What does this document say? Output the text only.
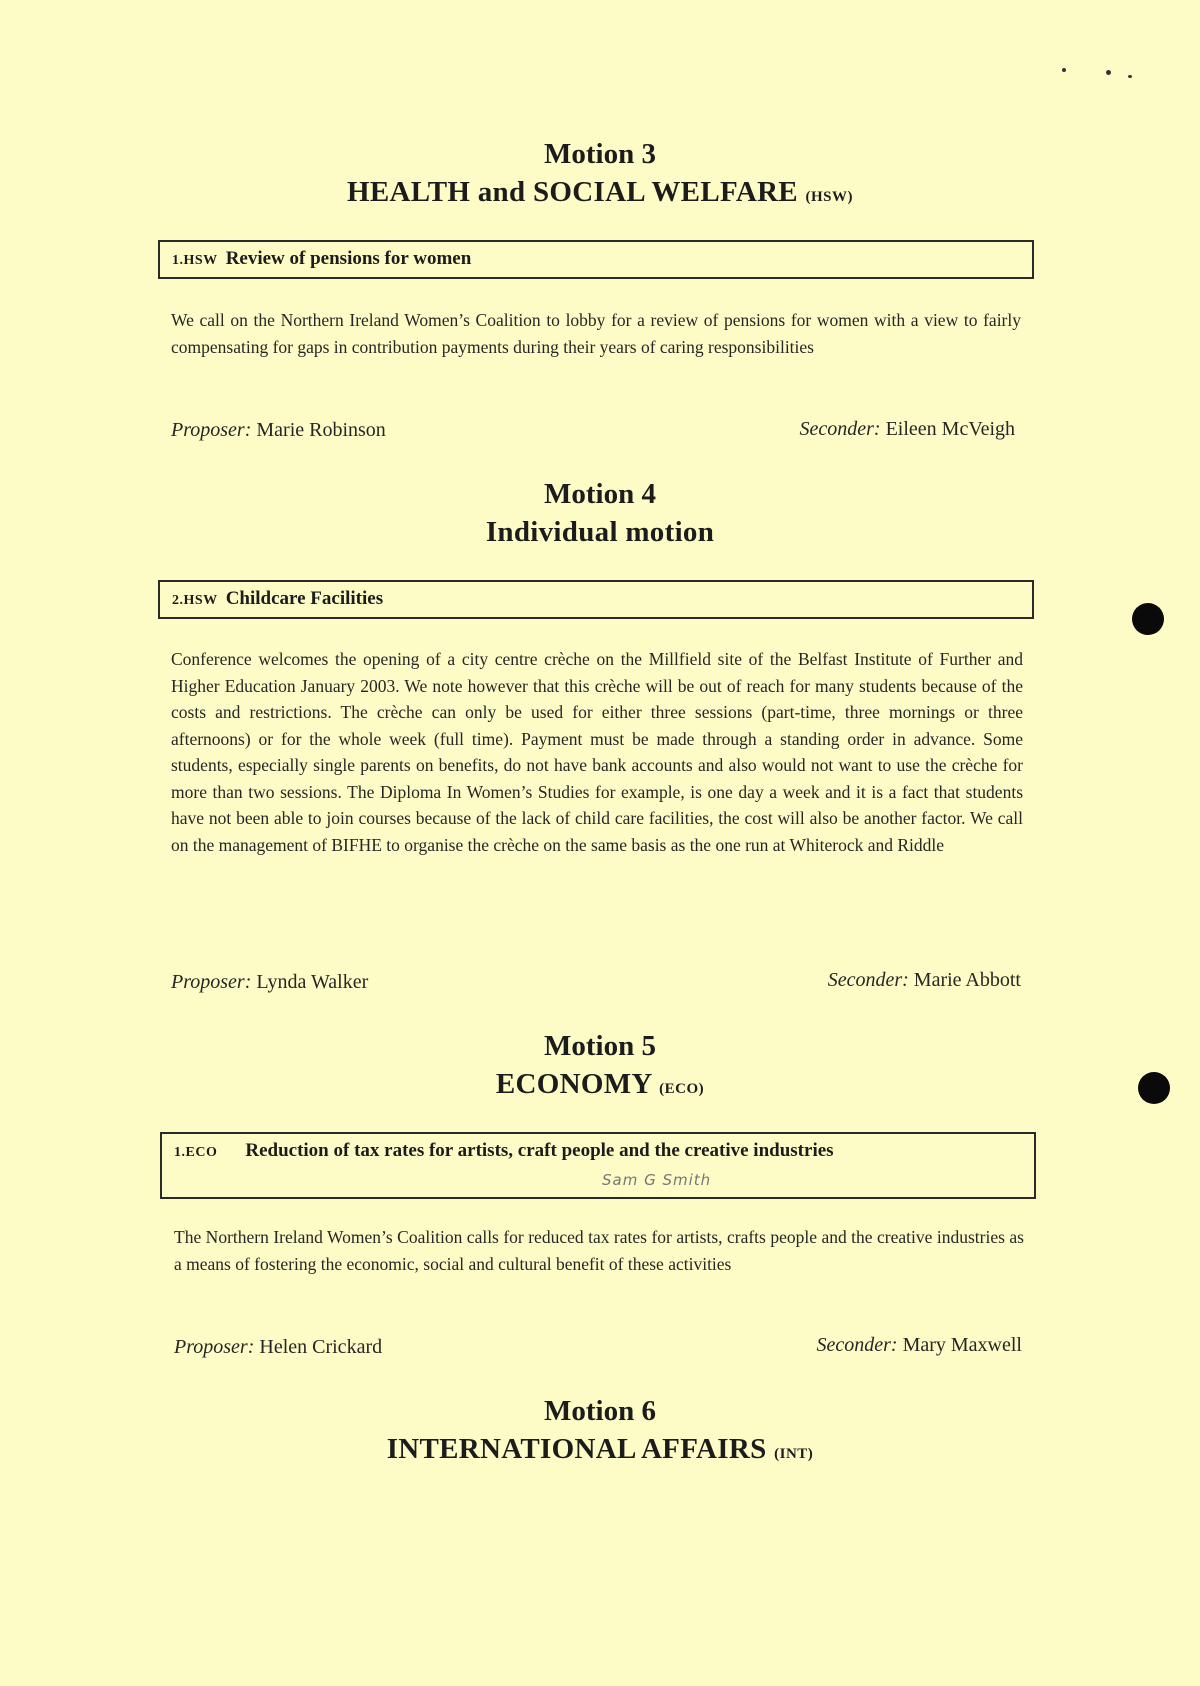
Motion 3
HEALTH and SOCIAL WELFARE (HSW)
1.HSW Review of pensions for women
We call on the Northern Ireland Women’s Coalition to lobby for a review of pensions for women with a view to fairly compensating for gaps in contribution payments during their years of caring responsibilities
Proposer: Marie Robinson	Seconder: Eileen McVeigh
Motion 4
Individual motion
2.HSW Childcare Facilities
Conference welcomes the opening of a city centre crèche on the Millfield site of the Belfast Institute of Further and Higher Education January 2003. We note however that this crèche will be out of reach for many students because of the costs and restrictions. The crèche can only be used for either three sessions (part-time, three mornings or three afternoons) or for the whole week (full time). Payment must be made through a standing order in advance. Some students, especially single parents on benefits, do not have bank accounts and also would not want to use the crèche for more than two sessions. The Diploma In Women’s Studies for example, is one day a week and it is a fact that students have not been able to join courses because of the lack of child care facilities, the cost will also be another factor. We call on the management of BIFHE to organise the crèche on the same basis as the one run at Whiterock and Riddle
Proposer: Lynda Walker	Seconder: Marie Abbott
Motion 5
ECONOMY (ECO)
1.ECO Reduction of tax rates for artists, craft people and the creative industries
Sam G Smith
The Northern Ireland Women’s Coalition calls for reduced tax rates for artists, crafts people and the creative industries as a means of fostering the economic, social and cultural benefit of these activities
Proposer: Helen Crickard	Seconder: Mary Maxwell
Motion 6
INTERNATIONAL AFFAIRS (INT)
